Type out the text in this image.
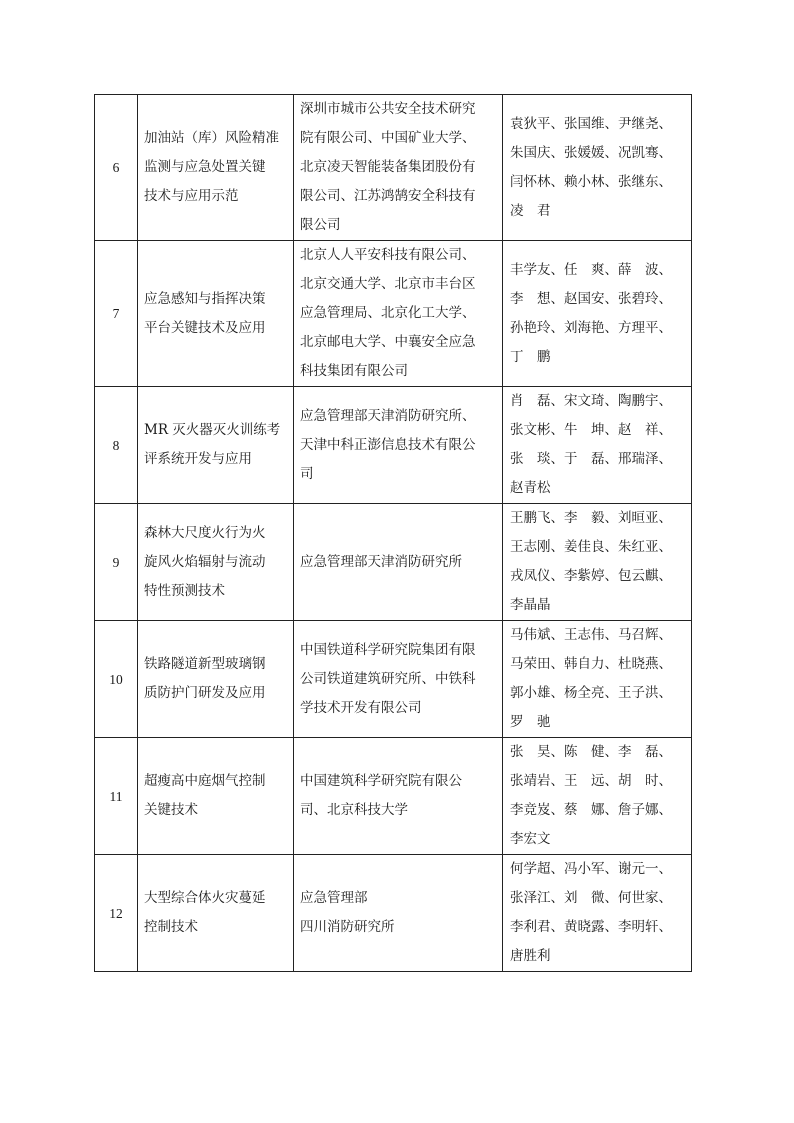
6	加油站（库）风险精准
监测与应急处置关键
技术与应用示范	深圳市城市公共安全技术研究
院有限公司、中国矿业大学、
北京凌天智能装备集团股份有
限公司、江苏鸿鹄安全科技有
限公司	袁狄平、张国维、尹继尧、
朱国庆、张媛媛、况凯骞、
闫怀林、赖小林、张继东、
凌　君

7	应急感知与指挥决策
平台关键技术及应用	北京人人平安科技有限公司、
北京交通大学、北京市丰台区
应急管理局、北京化工大学、
北京邮电大学、中襄安全应急
科技集团有限公司	丰学友、任　爽、薛　波、
李　想、赵国安、张碧玲、
孙艳玲、刘海艳、方理平、
丁　鹏

8	MR 灭火器灭火训练考
评系统开发与应用	应急管理部天津消防研究所、
天津中科正澎信息技术有限公
司	肖　磊、宋文琦、陶鹏宇、
张文彬、牛　坤、赵　祥、
张　琰、于　磊、邢瑞泽、
赵青松

9	森林大尺度火行为火
旋风火焰辐射与流动
特性预测技术	应急管理部天津消防研究所	王鹏飞、李　毅、刘晅亚、
王志刚、姜佳良、朱红亚、
戎凤仪、李紫婷、包云麒、
李晶晶

10	铁路隧道新型玻璃钢
质防护门研发及应用	中国铁道科学研究院集团有限
公司铁道建筑研究所、中铁科
学技术开发有限公司	马伟斌、王志伟、马召辉、
马荣田、韩自力、杜晓燕、
郭小雄、杨全亮、王子洪、
罗　驰

11	超瘦高中庭烟气控制
关键技术	中国建筑科学研究院有限公
司、北京科技大学	张　昊、陈　健、李　磊、
张靖岩、王　远、胡　时、
李竞岌、蔡　娜、詹子娜、
李宏文

12	大型综合体火灾蔓延
控制技术	应急管理部
四川消防研究所	何学超、冯小军、谢元一、
张泽江、刘　微、何世家、
李利君、黄晓露、李明轩、
唐胜利
